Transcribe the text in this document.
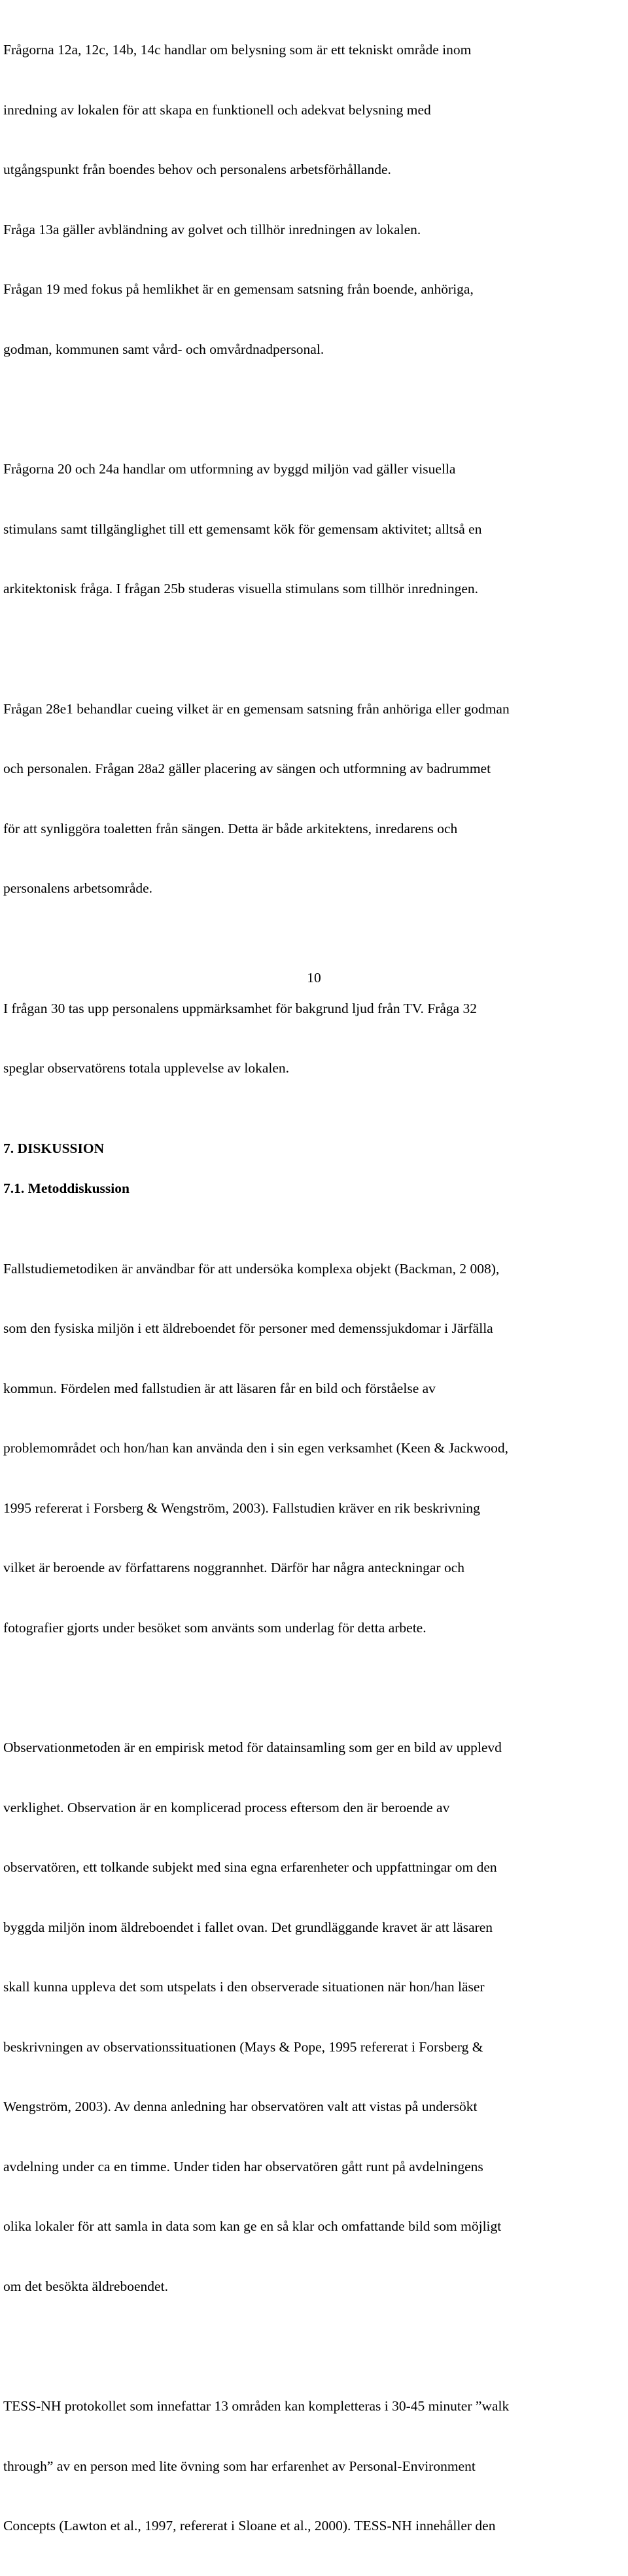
Frågorna 12a, 12c, 14b, 14c handlar om belysning som är ett tekniskt område inom

inredning av lokalen för att skapa en funktionell och adekvat belysning med

utgångspunkt från boendes behov och personalens arbetsförhållande.

Fråga 13a gäller avbländning av golvet och tillhör inredningen av lokalen.

Frågan 19 med fokus på hemlikhet är en gemensam satsning från boende, anhöriga,

godman, kommunen samt vård- och omvårdnadpersonal.

Frågorna 20 och 24a handlar om utformning av byggd miljön vad gäller visuella

stimulans samt tillgänglighet till ett gemensamt kök för gemensam aktivitet; alltså en

arkitektonisk fråga. I frågan 25b studeras visuella stimulans som tillhör inredningen.

Frågan 28e1 behandlar cueing vilket är en gemensam satsning från anhöriga eller godman

och personalen. Frågan 28a2 gäller placering av sängen och utformning av badrummet

för att synliggöra toaletten från sängen. Detta är både arkitektens, inredarens och

personalens arbetsområde.

I frågan 30 tas upp personalens uppmärksamhet för bakgrund ljud från TV. Fråga 32

speglar observatörens totala upplevelse av lokalen.

7. DISKUSSION
7.1. Metoddiskussion

Fallstudiemetodiken är användbar för att undersöka komplexa objekt (Backman, 2 008),

som den fysiska miljön i ett äldreboendet för personer med demenssjukdomar i Järfälla

kommun. Fördelen med fallstudien är att läsaren får en bild och förståelse av

problemområdet och hon/han kan använda den i sin egen verksamhet (Keen & Jackwood,

1995 refererat i Forsberg & Wengström, 2003). Fallstudien kräver en rik beskrivning

vilket är beroende av författarens noggrannhet. Därför har några anteckningar och

fotografier gjorts under besöket som använts som underlag för detta arbete.

Observationmetoden är en empirisk metod för datainsamling som ger en bild av upplevd

verklighet. Observation är en komplicerad process eftersom den är beroende av

observatören, ett tolkande subjekt med sina egna erfarenheter och uppfattningar om den

byggda miljön inom äldreboendet i fallet ovan. Det grundläggande kravet är att läsaren

skall kunna uppleva det som utspelats i den observerade situationen när hon/han läser

beskrivningen av observationssituationen (Mays & Pope, 1995 refererat i Forsberg &

Wengström, 2003). Av denna anledning har observatören valt att vistas på undersökt

avdelning under ca en timme. Under tiden har observatören gått runt på avdelningens

olika lokaler för att samla in data som kan ge en så klar och omfattande bild som möjligt

om det besökta äldreboendet.

TESS-NH protokollet som innefattar 13 områden kan kompletteras i 30-45 minuter ”walk

through” av en person med lite övning som har erfarenhet av Personal-Environment

Concepts (Lawton et al., 1997, refererat i Sloane et al., 2000). TESS-NH innehåller den

10
